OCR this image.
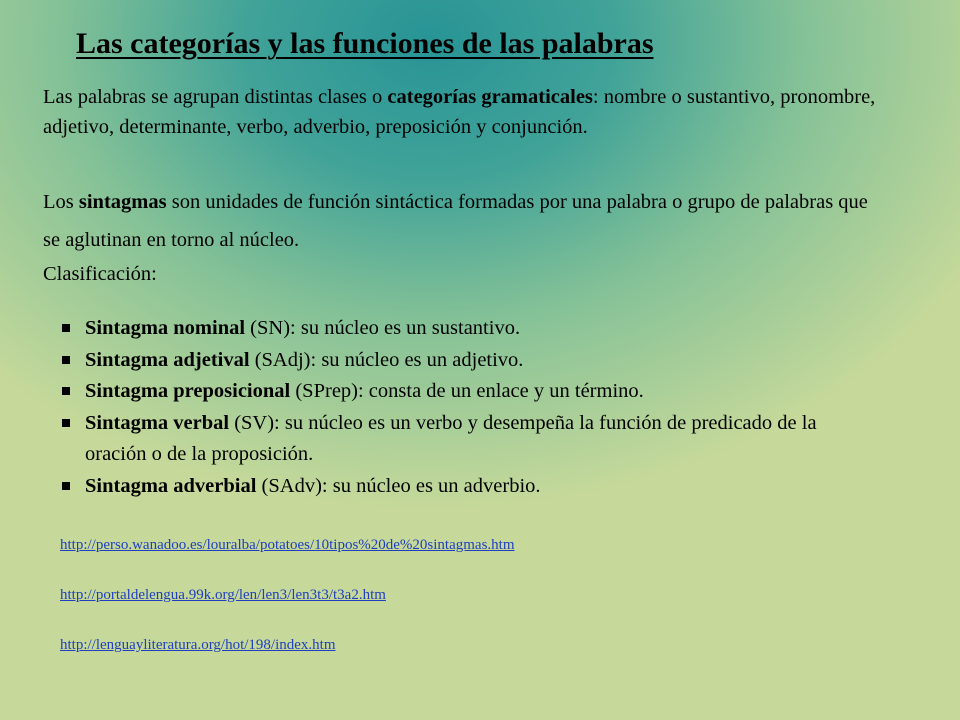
Las categorías y las funciones de las palabras

Las palabras se agrupan distintas clases o categorías gramaticales: nombre o sustantivo, pronombre, adjetivo, determinante, verbo, adverbio, preposición y conjunción.

Los sintagmas son unidades de función sintáctica formadas por una palabra o grupo de palabras que se aglutinan en torno al núcleo.

Clasificación:

Sintagma nominal (SN): su núcleo es un sustantivo.
Sintagma adjetival (SAdj): su núcleo es un adjetivo.
Sintagma preposicional (SPrep): consta de un enlace y un término.
Sintagma verbal (SV): su núcleo es un verbo y desempeña la función de predicado de la oración o de la proposición.
Sintagma adverbial (SAdv): su núcleo es un adverbio.
http://perso.wanadoo.es/louralba/potatoes/10tipos%20de%20sintagmas.htm
http://portaldelengua.99k.org/len/len3/len3t3/t3a2.htm
http://lenguayliteratura.org/hot/198/index.htm
